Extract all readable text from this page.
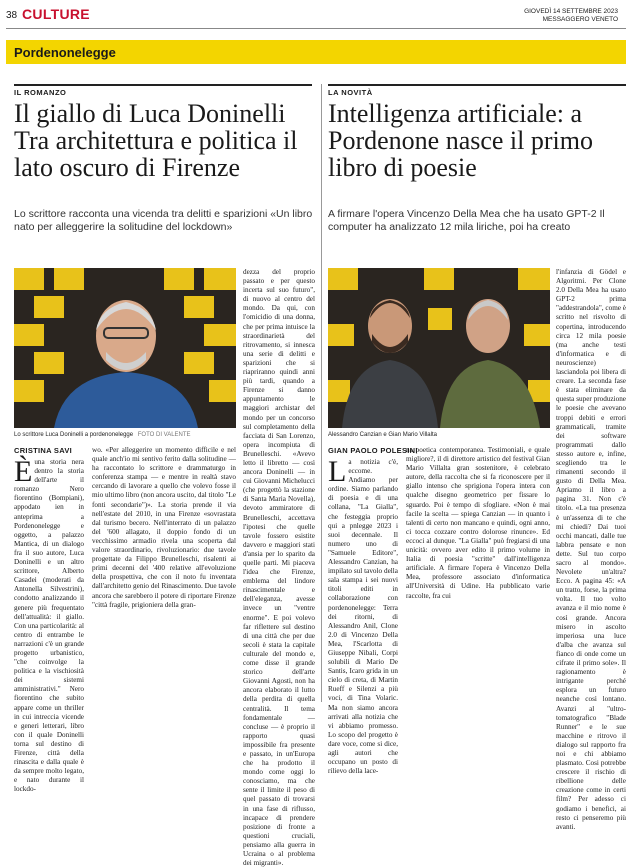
38 CULTURE	GIOVEDÌ 14 SETTEMBRE 2023
MESSAGGERO VENETO
Pordenonelegge
IL ROMANZO
Il giallo di Luca Doninelli Tra architettura e politica il lato oscuro di Firenze
Lo scrittore racconta una vicenda tra delitti e sparizioni «Un libro nato per alleggerire la solitudine del lockdown»
Lo scrittore Luca Doninelli a pordenonelegge FOTO DI VALENTE
CRISTINA SAVI
È una storia nera dentro la storia dell'arte il romanzo Nero fiorentino (Bompiani), appodato ien in anteprima a Pordenonelegge e oggetto, a palazzo Mantica, di un dialogo fra il suo autore, Luca Doninelli e un altro scrittore, Alberto Casadei (moderati da Antonella Silvestrini), condotto analizzando il genere più frequentato dell'attualità: il giallo. Con una particolarità: al centro di entrambe le narrazioni c'è un grande progetto urbanistico, "che coinvolge la politica e la vischiosità dei sistemi amministrativi." Nero fiorentino che subito appare come un thriller in cui intreccia vicende e generi letterari, libro con il quale Doninelli torna sul destino di Firenze, città della rinascita e dalla quale è da sempre molto legato, e nato durante il lockdo-

wo. «Per alleggerire un momento difficile e nel quale anch'io mi sentivo ferito dalla solitudine — ha raccontato lo scrittore e drammaturgo in conferenza stampa — e mentre in realtà stavo cercando di lavorare a quello che volevo fosse il mio ultimo libro (non ancora uscito, dal titolo "Le fonti secondarie")». La storia prende il via nell'estate del 2010, in una Firenze «sovrastata dal turismo becero. Nell'interrato di un palazzo del '600 allagato, il doppio fondo di un vecchissimo armadio rivela una scoperta dal valore straordinario, rivoluzionario: due tavole progettate da Filippo Brunelleschi, risalenti ai primi decenni del '400 relative all'evoluzione della prospettiva, che con il noto fu inventata dall'architetto genio del Rinascimento. Due tavole ancora che sarebbero il potere di riportare Firenze "città fragile, prigioniera della gran-

dezza del proprio passato e per questo incerta sul suo futuro", di nuovo al centro del mondo. Da qui, con l'omicidio di una donna, che per prima intuisce la straordinarietà del ritrovamento, si innesca una serie di delitti e sparizioni che si riapriranno quindi anni più tardi, quando a Firenze si danno appuntamento le maggiori archistar del mondo per un concorso sul completamento della facciata di San Lorenzo, opera incompiuta di Brunelleschi. «Avevo letto il libretto — così ancora Doninelli — in cui Giovanni Michelucci (che progettò la stazione di Santa Maria Novella), devoto ammiratore di Brunelleschi, accettava l'ipotesi che quelle tavole fossero esistite davvero e maggiori stati d'ansia per lo sparito da quelle parti. Mi piaceva l'idea che Firenze, emblema del lindore rinascimentale e dell'eleganza, avesse invece un "ventre enorme". E poi volevo far riflettere sul destino di una città che per due secoli è stata la capitale culturale del mondo e, come disse il grande storico dell'arte Giovanni Agosti, non ha ancora elaborato il lutto della perdita di quella centralità. Il tema fondamentale — concluse — è proprio il rapporto quasi impossibile fra presente e passato, in un'Europa che ha prodotto il mondo come oggi lo conosciamo, ma che sente il limite il peso di quel passato di trovarsi in una fase di riflusso, incapace di prendere posizione di fronte a questioni cruciali, pensiamo alla guerra in Ucraina o al problema dei migranti».

LA NOVITÀ
Intelligenza artificiale: a Pordenone nasce il primo libro di poesie
A firmare l'opera Vincenzo Della Mea che ha usato GPT-2 Il computer ha analizzato 12 mila liriche, poi ha creato
Alessandro Canzian e Gian Mario Villalta
GIAN PAOLO POLESINI
L a notizia c'è, eccome. Andiamo per ordine. Siamo parlando di poesia e di una collana, "La Gialla", che festeggia proprio qui a pnlegge 2023 i suoi decennale. Il numero uno di "Samuele Editore", Alessandro Canzian, ha impilato sul tavolo della sala stampa i sei nuovi titoli editi in collaborazione con pordenonelegge: Terra dei ritorni, di Alessandro Anil, Clone 2.0 di Vincenzo Della Mea, l'Scarlotta di Giuseppe Nibali, Corpi solubili di Mario De Santis, Icaro grida in un cielo di creta, di Martin Rueff e Silenzi a più voci, di Tina Volaric. Ma non siamo ancora arrivati alla notizia che vi abbiamo promesso. Lo scopo del progetto è dare voce, come si dice, agli autori che occupano un posto di rilievo della lace-

na poetica contemporanea. Testimoniali, e quale migliore?, il di direttore artistico del festival Gian Mario Villalta gran sostenitore, è celebrato autore, della raccolta che si fa riconoscere per il giallo intenso che sprigiona l'opera intera con qualche disegno geometrico per fissare lo sguardo. Poi è tempo di sfogliare. «Non è mai facile la scelta — spiega Canzian — in quanto i talenti di certo non mancano e quindi, ogni anno, ci tocca cozzare contro dolorose rinunce». Ed eccoci al dunque. "La Gialla" può fregiarsi di una unicità: ovvero aver edito il primo volume in Italia di poesia "scritte" dall'intelligenza artificiale. A firmare l'opera è Vincenzo Della Mea, professore associato d'informatica all'Università di Udine. Ha pubblicato varie raccolte, fra cui

l'infanzia di Gödel e Algoritmi. Per Clone 2.0 Della Mea ha usato GPT-2 prima "addestrandola", come è scritto nel risvolto di copertina, introducendo circa 12 mila poesie (ma anche testi d'informatica e di neuroscienze) lasciandola poi libera di creare. La seconda fase è stata eliminare da questa super produzione le poesie che avevano troppi debiti e errori grammaticali, tramite dei software programmati dallo stesso autore e, infine, scegliendo tra le rimanenti secondo il gusto di Della Mea. Apriamo il libro a pagina 31. Non c'è titolo. «La tua presenza è un'assenza di te che mi chiedi? Dai tuoi occhi mancati, dalle tue labbra pensate e non dette. Sul tuo corpo sacro al mondo». Nevolete un'altra? Ecco. A pagina 45: «A un tratto, forse, la prima volta. Il tuo volto avanza e il mio nome è così grande. Ancora misero in ascolto imperiosa una luce d'alba che avanza sul fianco di onde come un cifrate il primo sole». Il ragionamento è intrigante perché esplora un futuro neanche così lontano. Avanzi al "ultro-tomatografico "Blade Runner" e le sue macchine e ritrovo il dialogo sul rapporto fra noi e chi abbiamo plasmato. Cosi potrebbe crescere il rischio di ribellione delle creazione come in certi film? Per adesso ci godiamo i benefici, ai resto ci penseremo più avanti.
